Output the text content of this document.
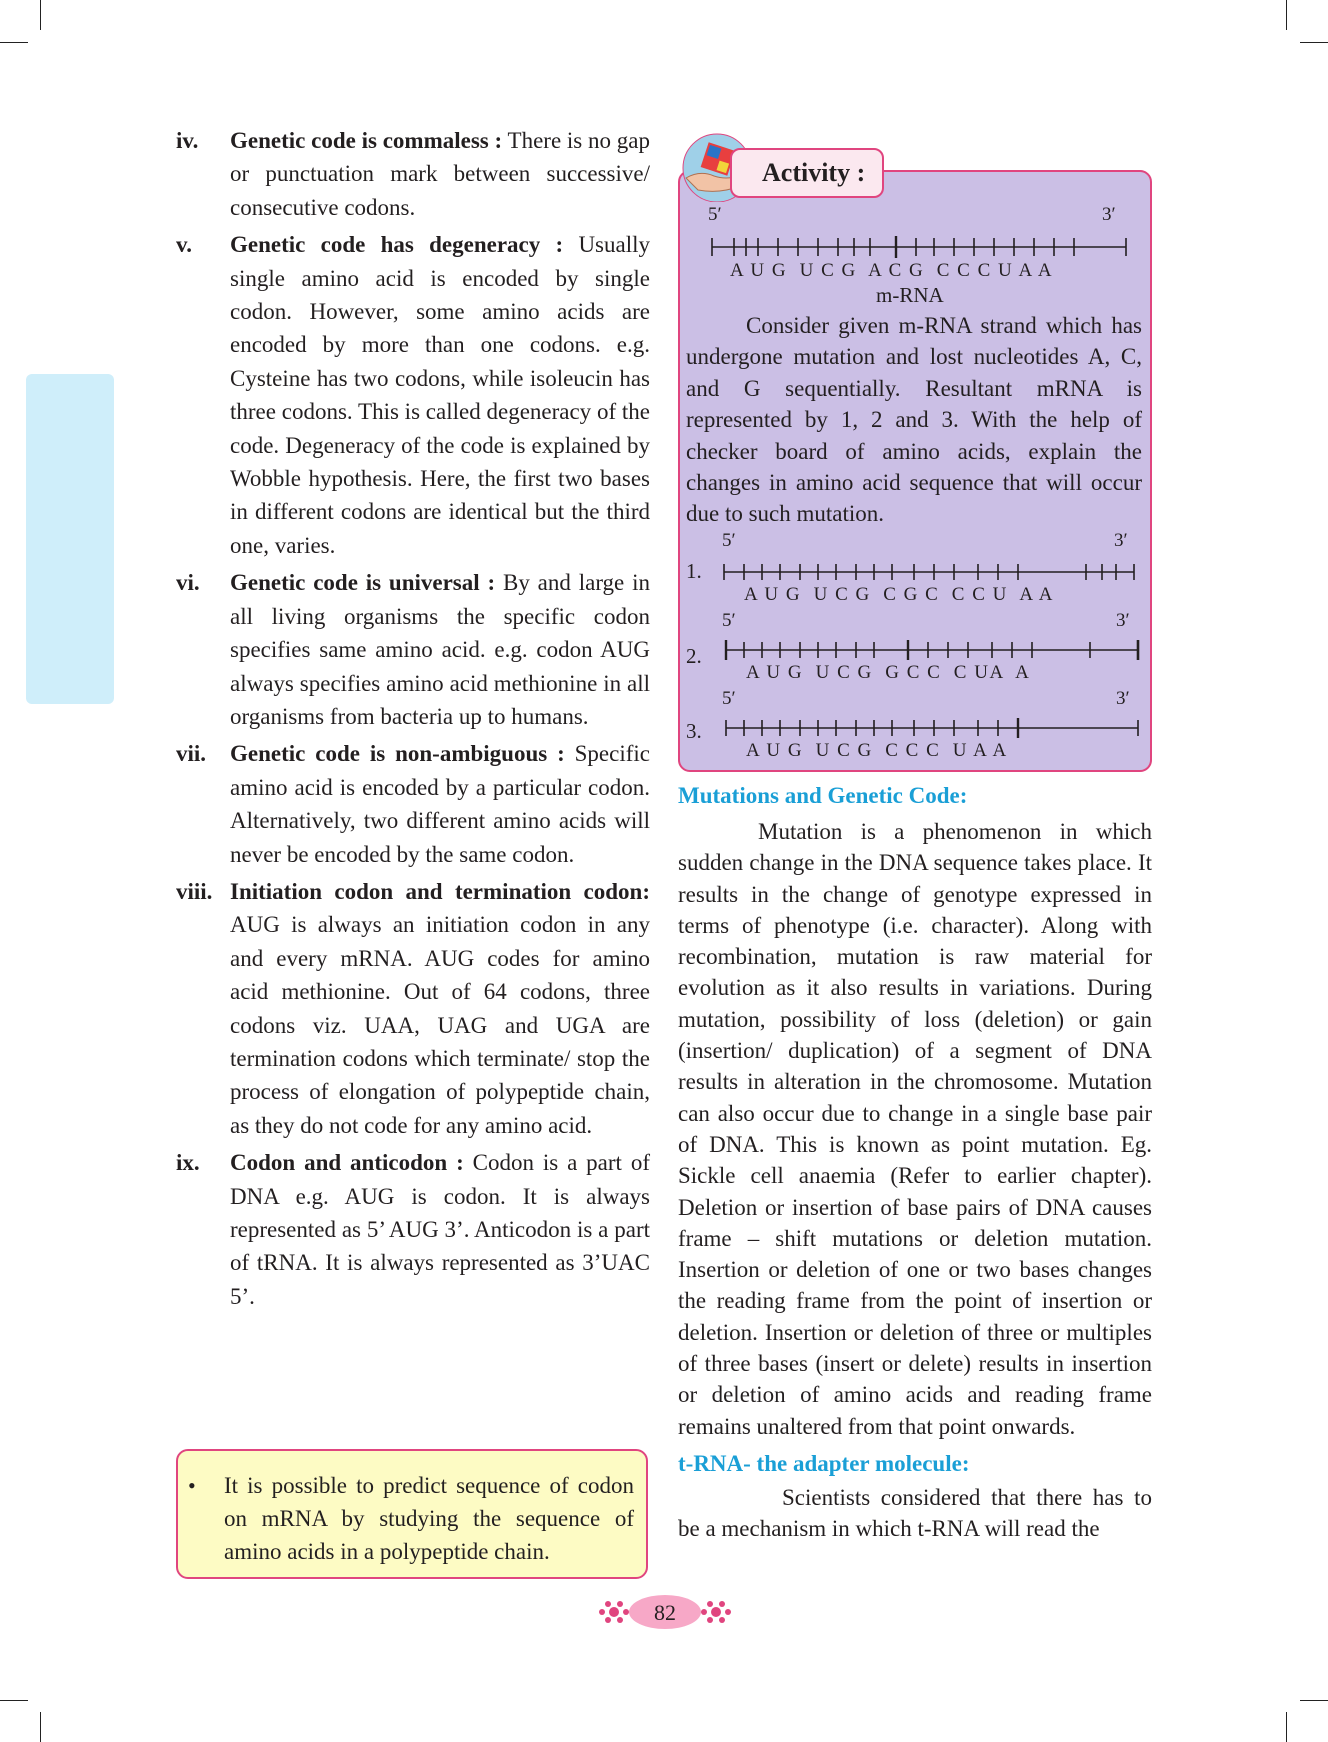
iv.	Genetic code is commaless : There is no gap or punctuation mark between successive/ consecutive codons.
v.	Genetic code has degeneracy : Usually single amino acid is encoded by single codon. However, some amino acids are encoded by more than one codons. e.g. Cysteine has two codons, while isoleucin has three codons. This is called degeneracy of the code. Degeneracy of the code is explained by Wobble hypothesis. Here, the first two bases in different codons are identical but the third one, varies.
vi.	Genetic code is universal : By and large in all living organisms the specific codon specifies same amino acid. e.g. codon AUG always specifies amino acid methionine in all organisms from bacteria up to humans.
vii.	Genetic code is non-ambiguous : Specific amino acid is encoded by a particular codon. Alternatively, two different amino acids will never be encoded by the same codon.
viii. Initiation codon and termination codon: AUG is always an initiation codon in any and every mRNA. AUG codes for amino acid methionine. Out of 64 codons, three codons viz. UAA, UAG and UGA are termination codons which terminate/ stop the process of elongation of polypeptide chain, as they do not code for any amino acid.
ix.	Codon and anticodon : Codon is a part of DNA e.g. AUG is codon. It is always represented as 5’ AUG 3’. Anticodon is a part of tRNA. It is always represented as 3’UAC 5’.
• It is possible to predict sequence of codon on mRNA by studying the sequence of amino acids in a polypeptide chain.
5′	3′
A U G  U C G  A C G  C C C U A A
m-RNA
1.
5′	3′
A U G  U C G  C G C  C C U  A A
2.
5′	3′
A U G  U C G  G C C  C UA  A
3.
5′	3′
A U G  U C G  C C C  U A A
Consider given m-RNA strand which has undergone mutation and lost nucleotides A, C, and G sequentially. Resultant mRNA is represented by 1, 2 and 3. With the help of checker board of amino acids, explain the changes in amino acid sequence that will occur due to such mutation.
Activity :
Mutations and Genetic Code:
Mutation is a phenomenon in which sudden change in the DNA sequence takes place. It results in the change of genotype expressed in terms of phenotype (i.e. character). Along with recombination, mutation is raw material for evolution as it also results in variations. During mutation, possibility of loss (deletion) or gain (insertion/ duplication) of a segment of DNA results in alteration in the chromosome. Mutation can also occur due to change in a single base pair of DNA. This is known as point mutation. Eg. Sickle cell anaemia (Refer to earlier chapter). Deletion or insertion of base pairs of DNA causes frame – shift mutations or deletion mutation. Insertion or deletion of one or two bases changes the reading frame from the point of insertion or deletion. Insertion or deletion of three or multiples of three bases (insert or delete) results in insertion or deletion of amino acids and reading frame remains unaltered from that point onwards.
t-RNA- the adapter molecule:
Scientists considered that there has to be a mechanism in which t-RNA will read the
82
